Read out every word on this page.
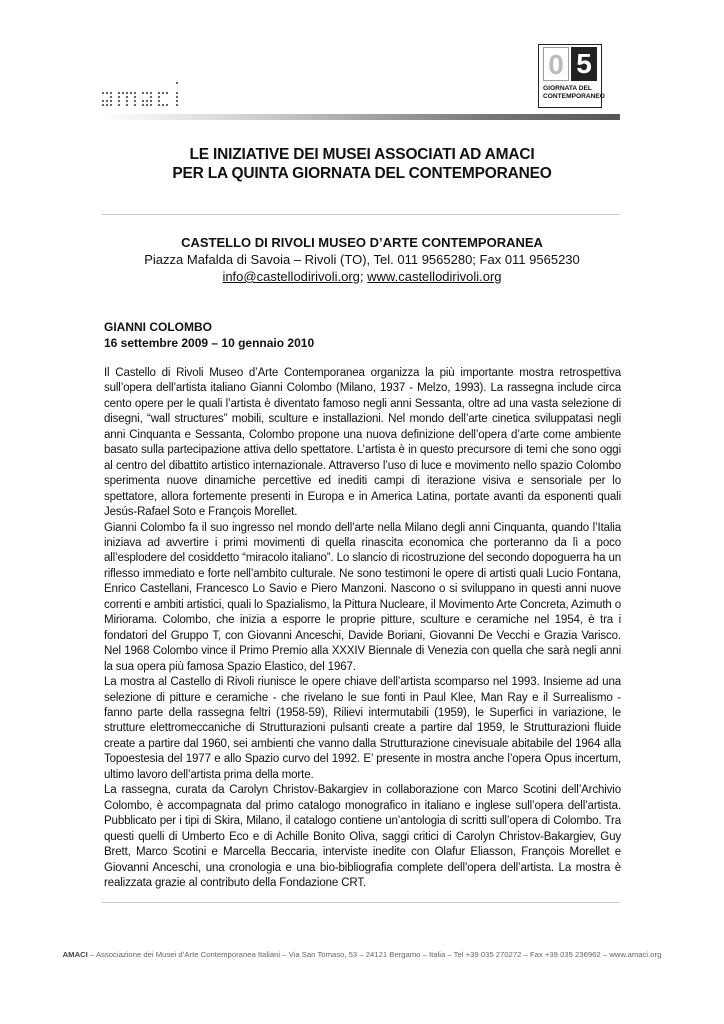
0 5
GIORNATA DEL
CONTEMPORANEO
LE INIZIATIVE DEI MUSEI ASSOCIATI AD AMACI
PER LA QUINTA GIORNATA DEL CONTEMPORANEO
CASTELLO DI RIVOLI MUSEO D’ARTE CONTEMPORANEA
Piazza Mafalda di Savoia – Rivoli (TO), Tel. 011 9565280; Fax 011 9565230
info@castellodirivoli.org; www.castellodirivoli.org
GIANNI COLOMBO
16 settembre 2009 – 10 gennaio 2010

Il Castello di Rivoli Museo d’Arte Contemporanea organizza la più importante mostra retrospettiva sull’opera dell’artista italiano Gianni Colombo (Milano, 1937 - Melzo, 1993). La rassegna include circa cento opere per le quali l’artista è diventato famoso negli anni Sessanta, oltre ad una vasta selezione di disegni, “wall structures” mobili, sculture e installazioni. Nel mondo dell’arte cinetica sviluppatasi negli anni Cinquanta e Sessanta, Colombo propone una nuova definizione dell’opera d’arte come ambiente basato sulla partecipazione attiva dello spettatore. L’artista è in questo precursore di temi che sono oggi al centro del dibattito artistico internazionale. Attraverso l’uso di luce e movimento nello spazio Colombo sperimenta nuove dinamiche percettive ed inediti campi di iterazione visiva e sensoriale per lo spettatore, allora fortemente presenti in Europa e in America Latina, portate avanti da esponenti quali Jesús-Rafael Soto e François Morellet.

Gianni Colombo fa il suo ingresso nel mondo dell’arte nella Milano degli anni Cinquanta, quando l’Italia iniziava ad avvertire i primi movimenti di quella rinascita economica che porteranno da lì a poco all’esplodere del cosiddetto “miracolo italiano”. Lo slancio di ricostruzione del secondo dopoguerra ha un riflesso immediato e forte nell’ambito culturale. Ne sono testimoni le opere di artisti quali Lucio Fontana, Enrico Castellani, Francesco Lo Savio e Piero Manzoni. Nascono o si sviluppano in questi anni nuove correnti e ambiti artistici, quali lo Spazialismo, la Pittura Nucleare, il Movimento Arte Concreta, Azimuth o Miriorama. Colombo, che inizia a esporre le proprie pitture, sculture e ceramiche nel 1954, è tra i fondatori del Gruppo T, con Giovanni Anceschi, Davide Boriani, Giovanni De Vecchi e Grazia Varisco. Nel 1968 Colombo vince il Primo Premio alla XXXIV Biennale di Venezia con quella che sarà negli anni la sua opera più famosa Spazio Elastico, del 1967.

La mostra al Castello di Rivoli riunisce le opere chiave dell’artista scomparso nel 1993. Insieme ad una selezione di pitture e ceramiche - che rivelano le sue fonti in Paul Klee, Man Ray e il Surrealismo - fanno parte della rassegna feltri (1958-59), Rilievi intermutabili (1959), le Superfici in variazione, le strutture elettromeccaniche di Strutturazioni pulsanti create a partire dal 1959, le Strutturazioni fluide create a partire dal 1960, sei ambienti che vanno dalla Strutturazione cinevisuale abitabile del 1964 alla Topoestesia del 1977 e allo Spazio curvo del 1992. E’ presente in mostra anche l’opera Opus incertum, ultimo lavoro dell’artista prima della morte.

La rassegna, curata da Carolyn Christov-Bakargiev in collaborazione con Marco Scotini dell’Archivio Colombo, è accompagnata dal primo catalogo monografico in italiano e inglese sull’opera dell’artista. Pubblicato per i tipi di Skira, Milano, il catalogo contiene un’antologia di scritti sull’opera di Colombo. Tra questi quelli di Umberto Eco e di Achille Bonito Oliva, saggi critici di Carolyn Christov-Bakargiev, Guy Brett, Marco Scotini e Marcella Beccaria, interviste inedite con Olafur Eliasson, François Morellet e Giovanni Anceschi, una cronologia e una bio-bibliografia complete dell’opera dell’artista. La mostra è realizzata grazie al contributo della Fondazione CRT.

AMACI – Associazione dei Musei d’Arte Contemporanea Italiani – Via San Tomaso, 53 – 24121 Bergamo – Italia – Tel +39 035 270272 – Fax +39 035 236962 – www.amaci.org
